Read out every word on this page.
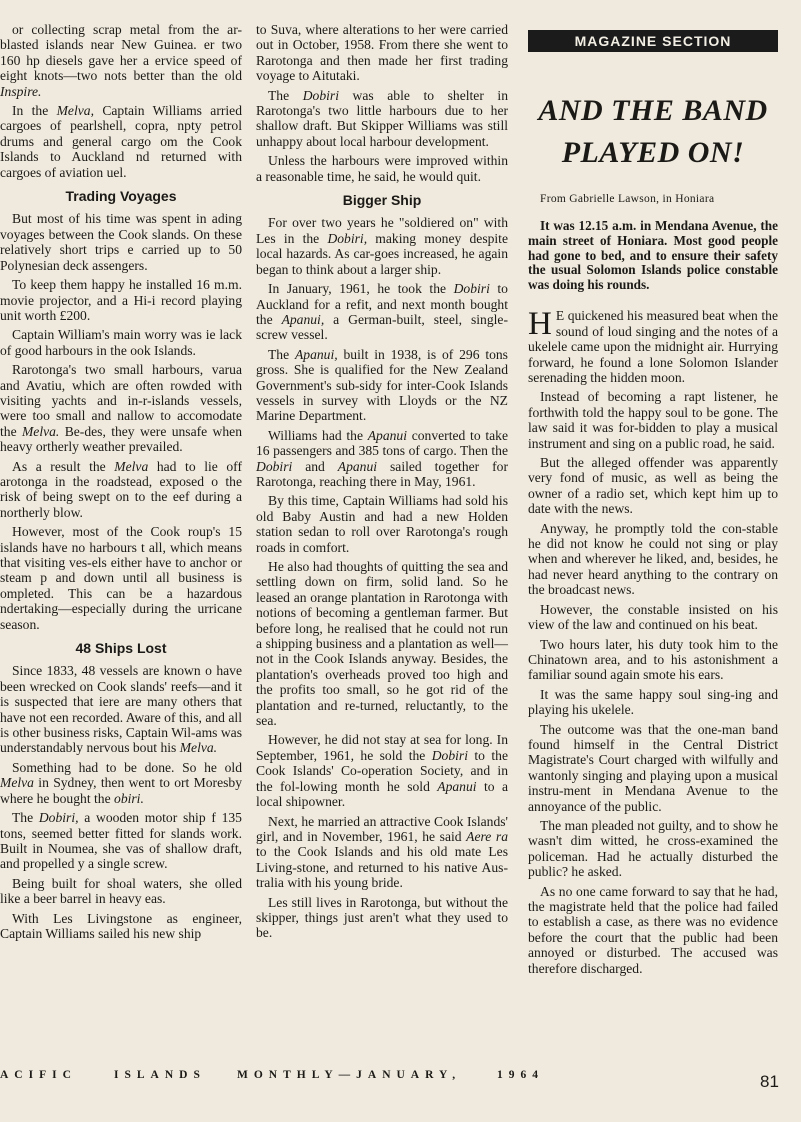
or collecting scrap metal from the ar-blasted islands near New Guinea. er two 160 hp diesels gave her a ervice speed of eight knots—two nots better than the old Inspire.

In the Melva, Captain Williams arried cargoes of pearlshell, copra, npty petrol drums and general cargo om the Cook Islands to Auckland nd returned with cargoes of aviation uel.

Trading Voyages

But most of his time was spent in ading voyages between the Cook slands. On these relatively short trips e carried up to 50 Polynesian deck assengers.

To keep them happy he installed 16 m.m. movie projector, and a Hi-i record playing unit worth £200.

Captain William's main worry was ie lack of good harbours in the ook Islands.

Rarotonga's two small harbours, varua and Avatiu, which are often rowded with visiting yachts and in-r-islands vessels, were too small and nallow to accomodate the Melva. Be-des, they were unsafe when heavy ortherly weather prevailed.

As a result the Melva had to lie off arotonga in the roadstead, exposed o the risk of being swept on to the eef during a northerly blow.

However, most of the Cook roup's 15 islands have no harbours t all, which means that visiting ves-els either have to anchor or steam p and down until all business is ompleted. This can be a hazardous ndertaking—especially during the urricane season.

48 Ships Lost

Since 1833, 48 vessels are known o have been wrecked on Cook slands' reefs—and it is suspected that iere are many others that have not een recorded. Aware of this, and all is other business risks, Captain Wil-ams was understandably nervous bout his Melva.

Something had to be done. So he old Melva in Sydney, then went to ort Moresby where he bought the obiri.

The Dobiri, a wooden motor ship f 135 tons, seemed better fitted for slands work. Built in Noumea, she vas of shallow draft, and propelled y a single screw.

Being built for shoal waters, she olled like a beer barrel in heavy eas.

With Les Livingstone as engineer, Captain Williams sailed his new ship

to Suva, where alterations to her were carried out in October, 1958. From there she went to Rarotonga and then made her first trading voyage to Aitutaki.

The Dobiri was able to shelter in Rarotonga's two little harbours due to her shallow draft. But Skipper Williams was still unhappy about local harbour development.

Unless the harbours were improved within a reasonable time, he said, he would quit.

Bigger Ship

For over two years he "soldiered on" with Les in the Dobiri, making money despite local hazards. As car-goes increased, he again began to think about a larger ship.

In January, 1961, he took the Dobiri to Auckland for a refit, and next month bought the Apanui, a German-built, steel, single-screw vessel.

The Apanui, built in 1938, is of 296 tons gross. She is qualified for the New Zealand Government's sub-sidy for inter-Cook Islands vessels in survey with Lloyds or the NZ Marine Department.

Williams had the Apanui converted to take 16 passengers and 385 tons of cargo. Then the Dobiri and Apanui sailed together for Rarotonga, reaching there in May, 1961.

By this time, Captain Williams had sold his old Baby Austin and had a new Holden station sedan to roll over Rarotonga's rough roads in comfort.

He also had thoughts of quitting the sea and settling down on firm, solid land. So he leased an orange plantation in Rarotonga with notions of becoming a gentleman farmer. But before long, he realised that he could not run a shipping business and a plantation as well—not in the Cook Islands anyway. Besides, the plantation's overheads proved too high and the profits too small, so he got rid of the plantation and re-turned, reluctantly, to the sea.

However, he did not stay at sea for long. In September, 1961, he sold the Dobiri to the Cook Islands' Co-operation Society, and in the fol-lowing month he sold Apanui to a local shipowner.

Next, he married an attractive Cook Islands' girl, and in November, 1961, he said Aere ra to the Cook Islands and his old mate Les Living-stone, and returned to his native Aus-tralia with his young bride.

Les still lives in Rarotonga, but without the skipper, things just aren't what they used to be.

MAGAZINE SECTION
AND THE BAND
PLAYED ON!
From Gabrielle Lawson, in Honiara

It was 12.15 a.m. in Mendana Avenue, the main street of Honiara. Most good people had gone to bed, and to ensure their safety the usual Solomon Islands police constable was doing his rounds.

H E quickened his measured beat when the sound of loud singing and the notes of a ukelele came upon the midnight air. Hurrying forward, he found a lone Solomon Islander serenading the hidden moon.

Instead of becoming a rapt listener, he forthwith told the happy soul to be gone. The law said it was for-bidden to play a musical instrument and sing on a public road, he said.

But the alleged offender was apparently very fond of music, as well as being the owner of a radio set, which kept him up to date with the news.

Anyway, he promptly told the con-stable he did not know he could not sing or play when and wherever he liked, and, besides, he had never heard anything to the contrary on the broadcast news.

However, the constable insisted on his view of the law and continued on his beat.

Two hours later, his duty took him to the Chinatown area, and to his astonishment a familiar sound again smote his ears.

It was the same happy soul sing-ing and playing his ukelele.

The outcome was that the one-man band found himself in the Central District Magistrate's Court charged with wilfully and wantonly singing and playing upon a musical instru-ment in Mendana Avenue to the annoyance of the public.

The man pleaded not guilty, and to show he wasn't dim witted, he cross-examined the policeman. Had he actually disturbed the public? he asked.

As no one came forward to say that he had, the magistrate held that the police had failed to establish a case, as there was no evidence before the court that the public had been annoyed or disturbed. The accused was therefore discharged.

ACIFIC	ISLANDS	MONTHLY—JANUARY,	1964	81
